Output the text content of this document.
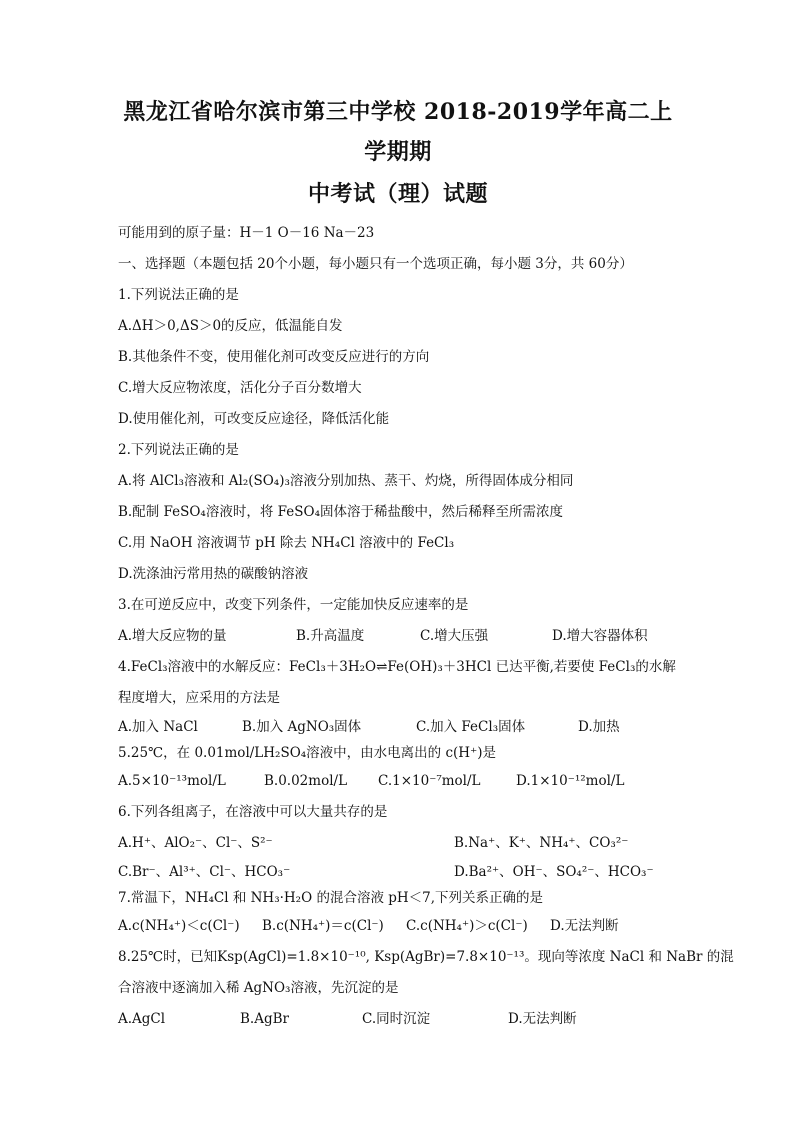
黑龙江省哈尔滨市第三中学校 2018-2019学年高二上学期期
中考试（理）试题
可能用到的原子量：H－1 O－16 Na－23
一、选择题（本题包括 20个小题，每小题只有一个选项正确，每小题 3分，共 60分）
1.下列说法正确的是
A.ΔH＞0,ΔS＞0的反应，低温能自发
B.其他条件不变，使用催化剂可改变反应进行的方向
C.增大反应物浓度，活化分子百分数增大
D.使用催化剂，可改变反应途径，降低活化能
2.下列说法正确的是
A.将 AlCl₃溶液和 Al₂(SO₄)₃溶液分别加热、蒸干、灼烧，所得固体成分相同
B.配制 FeSO₄溶液时，将 FeSO₄固体溶于稀盐酸中，然后稀释至所需浓度
C.用 NaOH 溶液调节 pH 除去 NH₄Cl 溶液中的 FeCl₃
D.洗涤油污常用热的碳酸钠溶液
3.在可逆反应中，改变下列条件，一定能加快反应速率的是
A.增大反应物的量	B.升高温度	C.增大压强	D.增大容器体积
4.FeCl₃溶液中的水解反应：FeCl₃＋3H₂O⇌Fe(OH)₃＋3HCl 已达平衡,若要使 FeCl₃的水解
程度增大，应采用的方法是
A.加入 NaCl	B.加入 AgNO₃固体	C.加入 FeCl₃固体	D.加热
5.25℃，在 0.01mol/LH₂SO₄溶液中，由水电离出的 c(H⁺)是
A.5×10⁻¹³mol/L	B.0.02mol/L	C.1×10⁻⁷mol/L	D.1×10⁻¹²mol/L
6.下列各组离子，在溶液中可以大量共存的是
A.H⁺、AlO₂⁻、Cl⁻、S²⁻	B.Na⁺、K⁺、NH₄⁺、CO₃²⁻
C.Br⁻、Al³⁺、Cl⁻、HCO₃⁻	D.Ba²⁺、OH⁻、SO₄²⁻、HCO₃⁻
7.常温下，NH₄Cl 和 NH₃·H₂O 的混合溶液 pH＜7,下列关系正确的是
A.c(NH₄⁺)＜c(Cl⁻)	B.c(NH₄⁺)＝c(Cl⁻)	C.c(NH₄⁺)＞c(Cl⁻)	D.无法判断
8.25℃时，已知Ksp(AgCl)=1.8×10⁻¹⁰, Ksp(AgBr)=7.8×10⁻¹³。现向等浓度 NaCl 和 NaBr 的混
合溶液中逐滴加入稀 AgNO₃溶液，先沉淀的是
A.AgCl	B.AgBr	C.同时沉淀	D.无法判断
